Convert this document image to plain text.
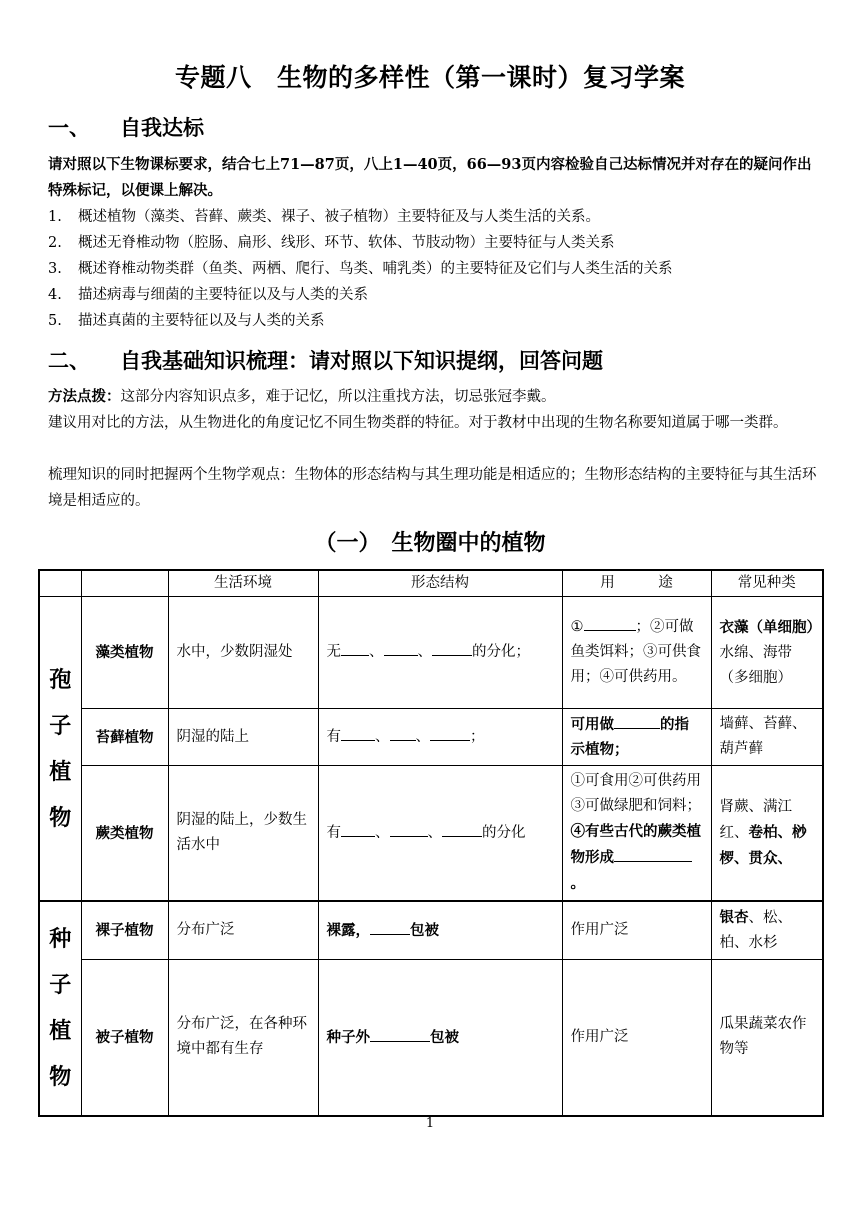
专题八　生物的多样性（第一课时）复习学案
一、 自我达标
请对照以下生物课标要求，结合七上71—87页，八上1—40页，66—93页内容检验自己达标情况并对存在的疑问作出特殊标记，以便课上解决。
1. 概述植物（藻类、苔藓、蕨类、裸子、被子植物）主要特征及与人类生活的关系。
2. 概述无脊椎动物（腔肠、扁形、线形、环节、软体、节肢动物）主要特征与人类关系
3. 概述脊椎动物类群（鱼类、两栖、爬行、鸟类、哺乳类）的主要特征及它们与人类生活的关系
4. 描述病毒与细菌的主要特征以及与人类的关系
5. 描述真菌的主要特征以及与人类的关系
二、 自我基础知识梳理：请对照以下知识提纲，回答问题
方法点拨：这部分内容知识点多，难于记忆，所以注重找方法，切忌张冠李戴。
建议用对比的方法，从生物进化的角度记忆不同生物类群的特征。对于教材中出现的生物名称要知道属于哪一类群。
梳理知识的同时把握两个生物学观点：生物体的形态结构与其生理功能是相适应的；生物形态结构的主要特征与其生活环境是相适应的。
（一）　生物圈中的植物
		生活环境	形态结构	用　　　途	常见种类

孢
子
植
物	藻类植物	水中，少数阴湿处	无 、 、 的分化；	① ；②可做鱼类饵料；③可供食用；④可供药用。	衣藻（单细胞）水绵、海带（多细胞）
	苔藓植物	阴湿的陆上	有 、 、 ；	可用做 的指示植物；	墙藓、苔藓、葫芦藓
	蕨类植物	阴湿的陆上，少数生活水中	有 、 、 的分化	①可食用②可供药用③可做绿肥和饲料；④有些古代的蕨类植物形成。	肾蕨、满江红、卷柏、桫椤、贯众、

种
子
植
物	裸子植物	分布广泛	裸露， 包被	作用广泛	银杏、松、柏、水杉
	被子植物	分布广泛，在各种环境中都有生存	种子外 包被	作用广泛	瓜果蔬菜农作物等
1
